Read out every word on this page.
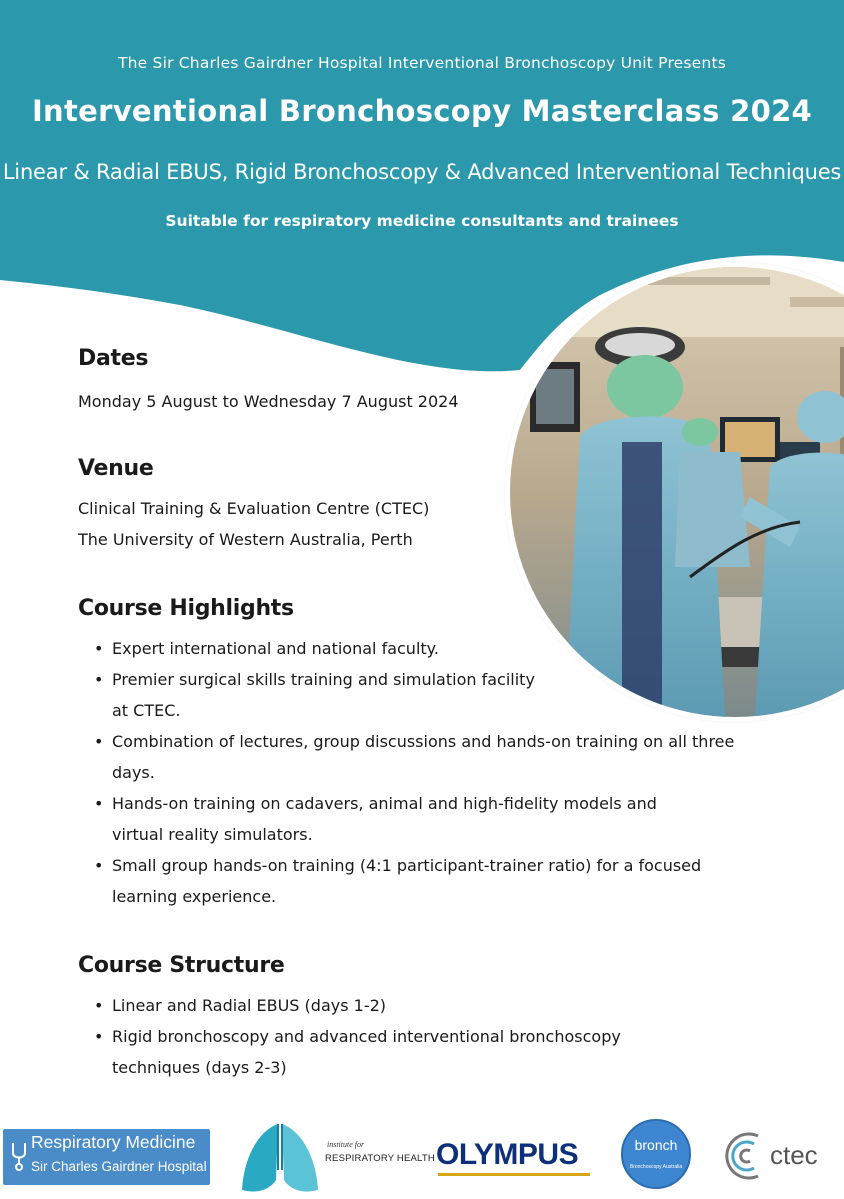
The Sir Charles Gairdner Hospital Interventional Bronchoscopy Unit Presents
Interventional Bronchoscopy Masterclass 2024
Linear & Radial EBUS, Rigid Bronchoscopy & Advanced Interventional Techniques
Suitable for respiratory medicine consultants and trainees
Dates
Monday 5 August to Wednesday 7 August 2024
Venue
Clinical Training & Evaluation Centre (CTEC)
The University of Western Australia, Perth
Course Highlights
• Expert international and national faculty.
• Premier surgical skills training and simulation facility at CTEC.
• Combination of lectures, group discussions and hands-on training on all three days.
• Hands-on training on cadavers, animal and high-fidelity models and virtual reality simulators.
• Small group hands-on training (4:1 participant-trainer ratio) for a focused learning experience.
Course Structure
• Linear and Radial EBUS (days 1-2)
• Rigid bronchoscopy and advanced interventional bronchoscopy techniques (days 2-3)
Respiratory Medicine
Sir Charles Gairdner Hospital
institute for
RESPIRATORY HEALTH OLYMPUS	bronch
Bronchoscopy Australia	ctec
